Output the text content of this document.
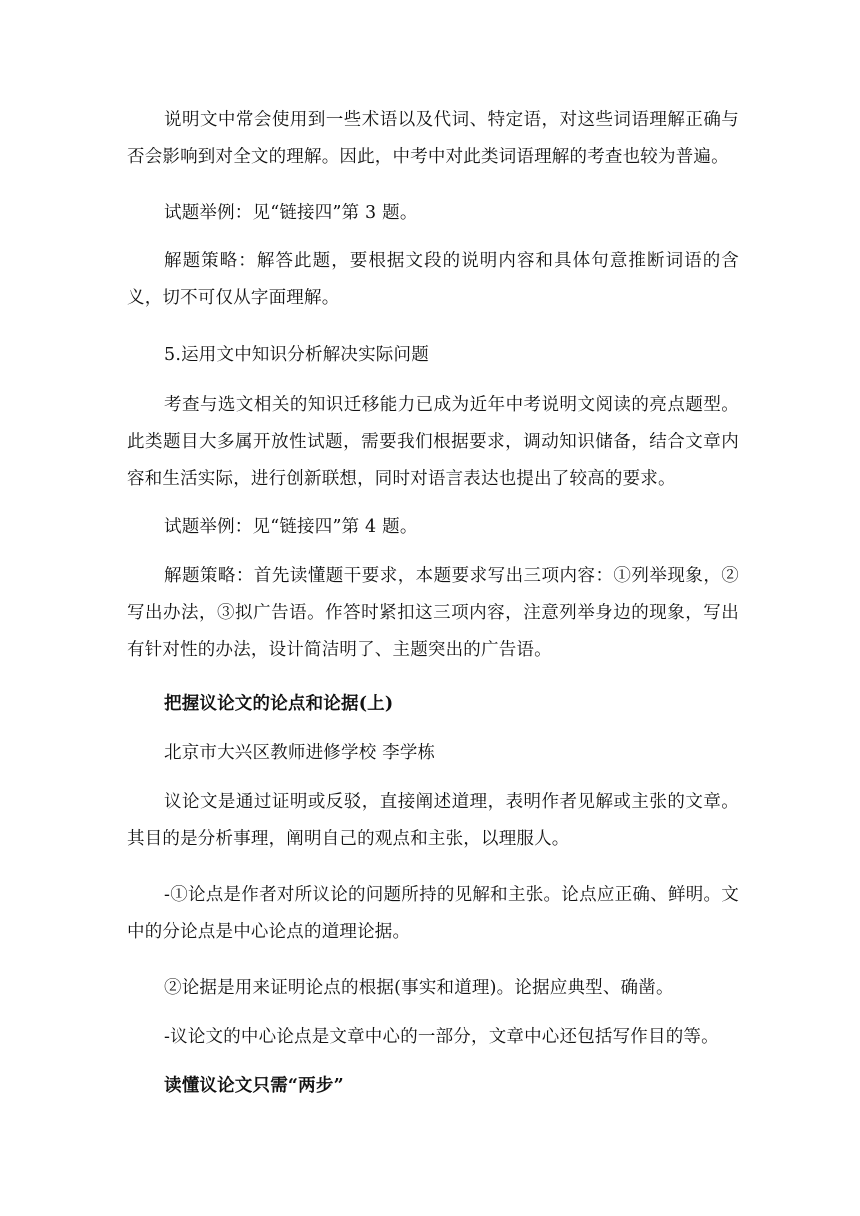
说明文中常会使用到一些术语以及代词、特定语，对这些词语理解正确与否会影响到对全文的理解。因此，中考中对此类词语理解的考查也较为普遍。

试题举例：见“链接四”第 3 题。

解题策略：解答此题，要根据文段的说明内容和具体句意推断词语的含义，切不可仅从字面理解。

5.运用文中知识分析解决实际问题

考查与选文相关的知识迁移能力已成为近年中考说明文阅读的亮点题型。此类题目大多属开放性试题，需要我们根据要求，调动知识储备，结合文章内容和生活实际，进行创新联想，同时对语言表达也提出了较高的要求。

试题举例：见“链接四”第 4 题。

解题策略：首先读懂题干要求，本题要求写出三项内容：①列举现象，②写出办法，③拟广告语。作答时紧扣这三项内容，注意列举身边的现象，写出有针对性的办法，设计简洁明了、主题突出的广告语。

把握议论文的论点和论据(上)

北京市大兴区教师进修学校 李学栋

议论文是通过证明或反驳，直接阐述道理，表明作者见解或主张的文章。其目的是分析事理，阐明自己的观点和主张，以理服人。

-①论点是作者对所议论的问题所持的见解和主张。论点应正确、鲜明。文中的分论点是中心论点的道理论据。

②论据是用来证明论点的根据(事实和道理)。论据应典型、确凿。

-议论文的中心论点是文章中心的一部分，文章中心还包括写作目的等。

读懂议论文只需“两步”
